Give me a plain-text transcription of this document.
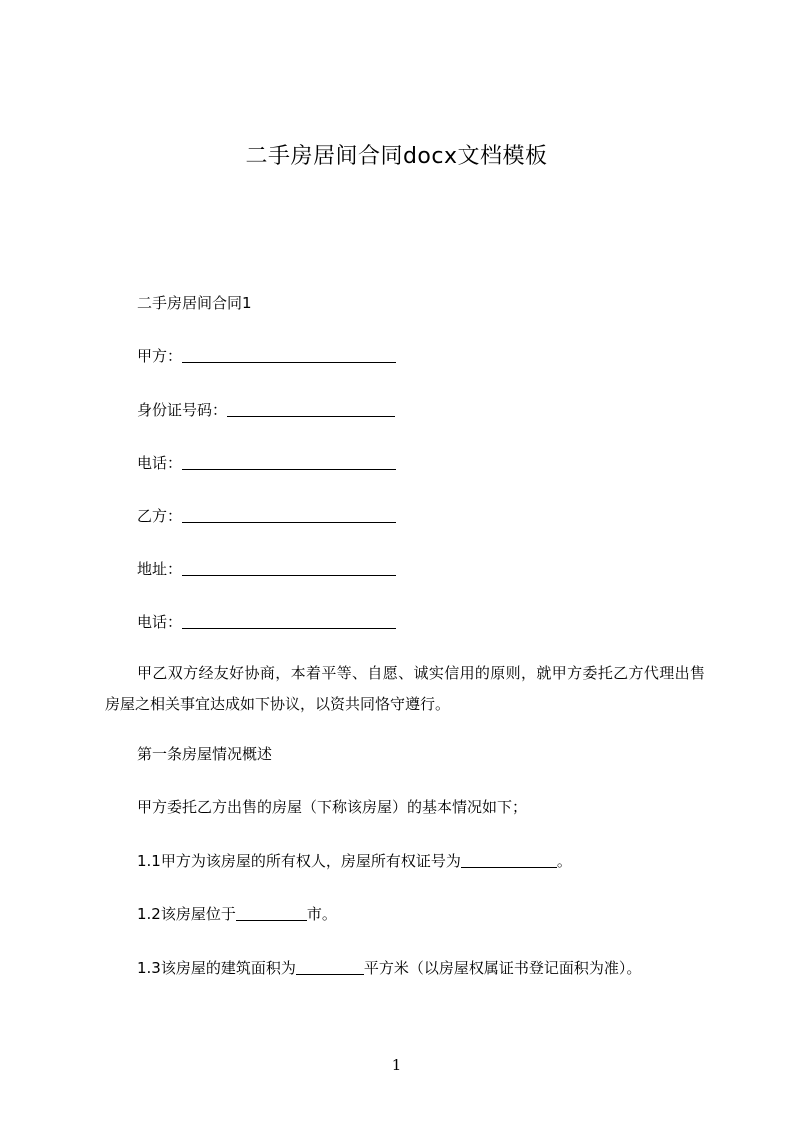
二手房居间合同docx文档模板
二手房居间合同1
甲方：
身份证号码：
电话：
乙方：
地址：
电话：
甲乙双方经友好协商，本着平等、自愿、诚实信用的原则，就甲方委托乙方代理出售房屋之相关事宜达成如下协议，以资共同恪守遵行。
第一条房屋情况概述
甲方委托乙方出售的房屋（下称该房屋）的基本情况如下；
1.1甲方为该房屋的所有权人，房屋所有权证号为	。
1.2该房屋位于	市。
1.3该房屋的建筑面积为	平方米（以房屋权属证书登记面积为准）。
1
